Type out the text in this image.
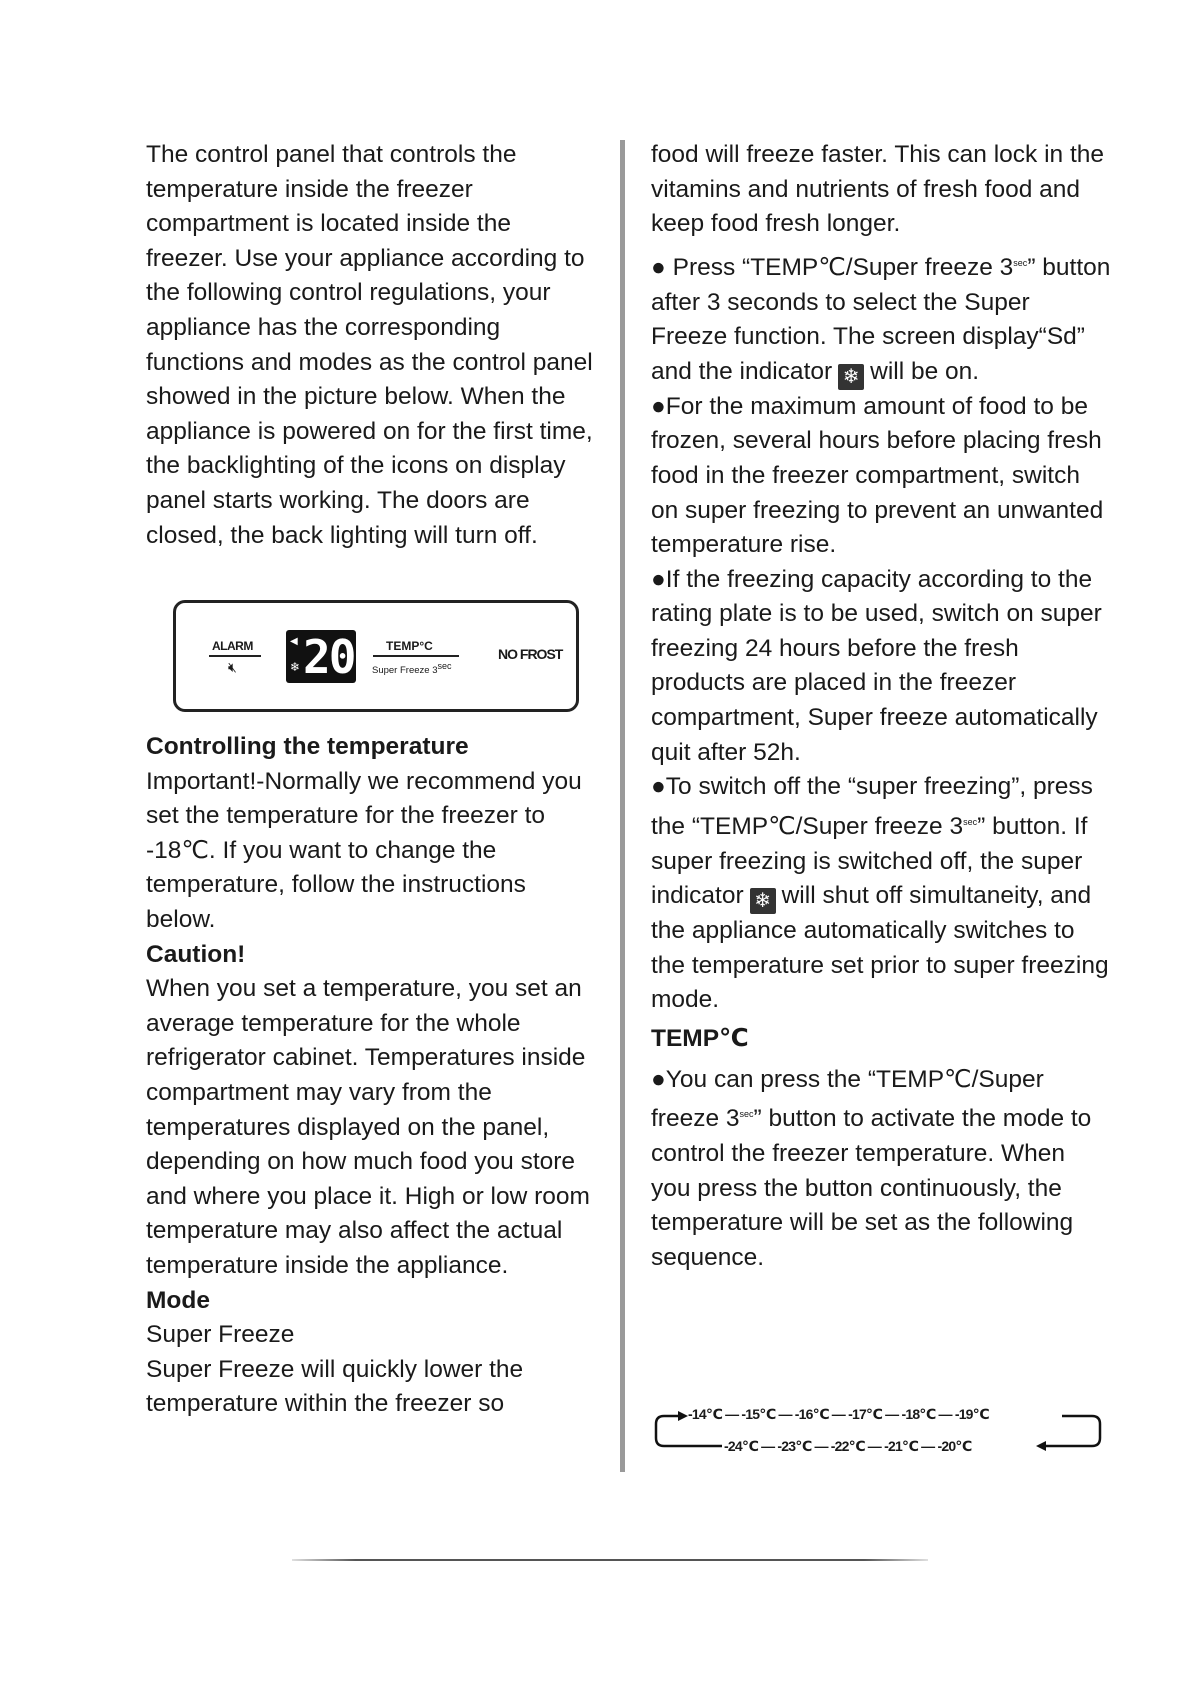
The control panel that controls the temperature inside the freezer compartment is located inside the freezer. Use your appliance according to the following control regulations, your appliance has the corresponding functions and modes as the control panel showed in the picture below. When the appliance is powered on for the first time, the backlighting of the icons on display panel starts working. The doors are closed, the back lighting will turn off.

ALARM
🔇︎
◀
❄ 20	TEMP°C
Super Freeze 3sec
NO FROST

Controlling the temperature

Important!-Normally we recommend you set the temperature for the freezer to -18℃. If you want to change the temperature, follow the instructions below.

Caution!

When you set a temperature, you set an average temperature for the whole refrigerator cabinet. Temperatures inside compartment may vary from the temperatures displayed on the panel, depending on how much food you store and where you place it. High or low room temperature may also affect the actual temperature inside the appliance.

Mode

Super Freeze

Super Freeze will quickly lower the temperature within the freezer so

food will freeze faster. This can lock in the vitamins and nutrients of fresh food and keep food fresh longer.

● Press “TEMP℃/Super freeze $3^{sec}$” button after 3 seconds to select the Super Freeze function. The screen display“Sd” and the indicator ❄ will be on.

●For the maximum amount of food to be frozen, several hours before placing fresh food in the freezer compartment, switch on super freezing to prevent an unwanted temperature rise.

●If the freezing capacity according to the rating plate is to be used, switch on super freezing 24 hours before the fresh products are placed in the freezer compartment, Super freeze automatically quit after 52h.

●To switch off the “super freezing”, press the “TEMP℃/Super freeze $3^{sec}$” button. If super freezing is switched off, the super indicator ❄ will shut off simultaneity, and the appliance automatically switches to the temperature set prior to super freezing mode.

TEMP℃

●You can press the “TEMP℃/Super freeze $3^{sec}$” button to activate the mode to control the freezer temperature. When you press the button continuously, the temperature will be set as the following sequence.

-14℃ — -15℃ — -16℃ — -17℃ — -18℃ — -19℃
-24℃ — -23℃ — -22℃ — -21℃ — -20℃
